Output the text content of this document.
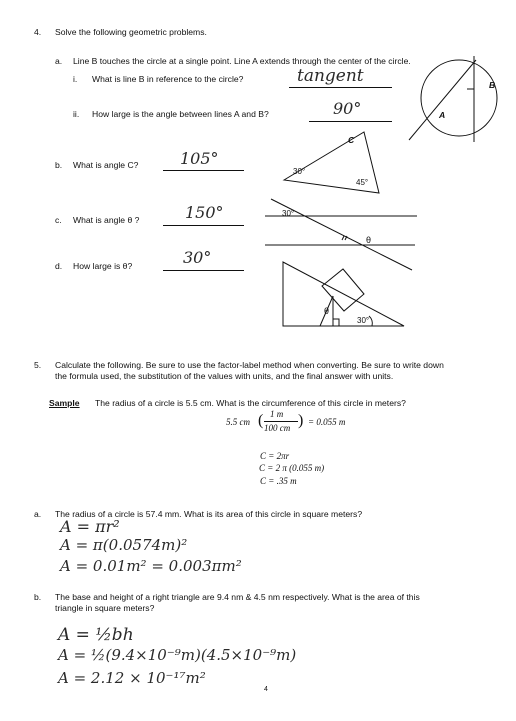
4. Solve the following geometric problems.
a. Line B touches the circle at a single point. Line A extends through the center of the circle.
i. What is line B in reference to the circle?	tangent
ii. How large is the angle between lines A and B?	90°
b. What is angle C?	105°
c. What is angle θ ?	150°
d. How large is θ?	30°
B
A
C
30°
45°
30°
θ
θ
30°
5. Calculate the following. Be sure to use the factor-label method when converting. Be sure to write down
the formula used, the substitution of the values with units, and the final answer with units.
Sample The radius of a circle is 5.5 cm. What is the circumference of this circle in meters?
5.5 cm ( 1 m
100 cm ) = 0.055 m
C = 2πr
C = 2 π (0.055 m)
C = .35 m
a. The radius of a circle is 57.4 mm. What is its area of this circle in square meters?
A = πr²
A = π(0.0574m)²
A = 0.01m² = 0.003πm²
b. The base and height of a right triangle are 9.4 nm & 4.5 nm respectively. What is the area of this
triangle in square meters?
A = ½bh
A = ½(9.4×10⁻⁹m)(4.5×10⁻⁹m)
A = 2.12 × 10⁻¹⁷m²
4
